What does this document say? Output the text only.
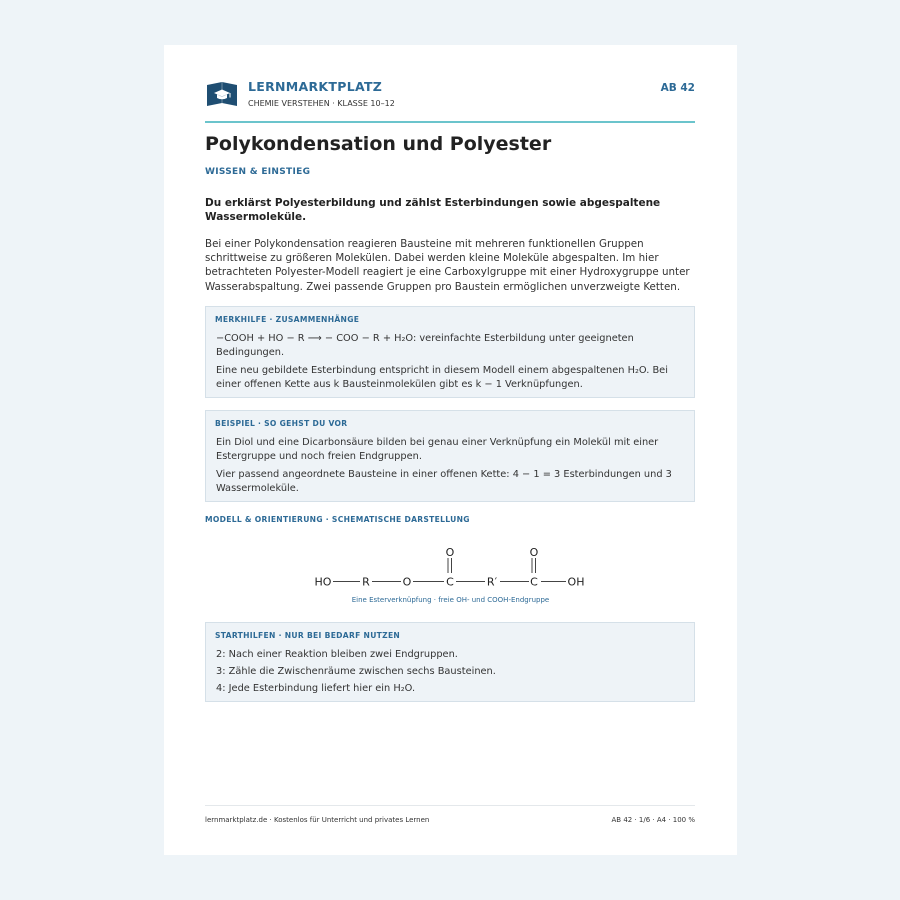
LERNMARKTPLATZ
CHEMIE VERSTEHEN · KLASSE 10–12
AB 42
Polykondensation und Polyester
WISSEN & EINSTIEG
Du erklärst Polyesterbildung und zählst Esterbindungen sowie abgespaltene Wassermoleküle.

Bei einer Polykondensation reagieren Bausteine mit mehreren funktionellen Gruppen schrittweise zu größeren Molekülen. Dabei werden kleine Moleküle abgespalten. Im hier betrachteten Polyester-Modell reagiert je eine Carboxylgruppe mit einer Hydroxygruppe unter Wasserabspaltung. Zwei passende Gruppen pro Baustein ermöglichen unverzweigte Ketten.

MERKHILFE · ZUSAMMENHÄNGE

−COOH + HO − R ⟶ − COO − R + H₂O: vereinfachte Esterbildung unter geeigneten Bedingungen.

Eine neu gebildete Esterbindung entspricht in diesem Modell einem abgespaltenen H₂O. Bei einer offenen Kette aus k Bausteinmolekülen gibt es k − 1 Verknüpfungen.

BEISPIEL · SO GEHST DU VOR

Ein Diol und eine Dicarbonsäure bilden bei genau einer Verknüpfung ein Molekül mit einer Estergruppe und noch freien Endgruppen.

Vier passend angeordnete Bausteine in einer offenen Kette: 4 − 1 = 3 Esterbindungen und 3 Wassermoleküle.

MODELL & ORIENTIERUNG · SCHEMATISCHE DARSTELLUNG
HO	R	O	C	R′	C	OH
O	O
Eine Esterverknüpfung · freie OH- und COOH-Endgruppe
STARTHILFEN · NUR BEI BEDARF NUTZEN

2: Nach einer Reaktion bleiben zwei Endgruppen.

3: Zähle die Zwischenräume zwischen sechs Bausteinen.

4: Jede Esterbindung liefert hier ein H₂O.

lernmarktplatz.de · Kostenlos für Unterricht und privates Lernen	AB 42 · 1/6 · A4 · 100 %
